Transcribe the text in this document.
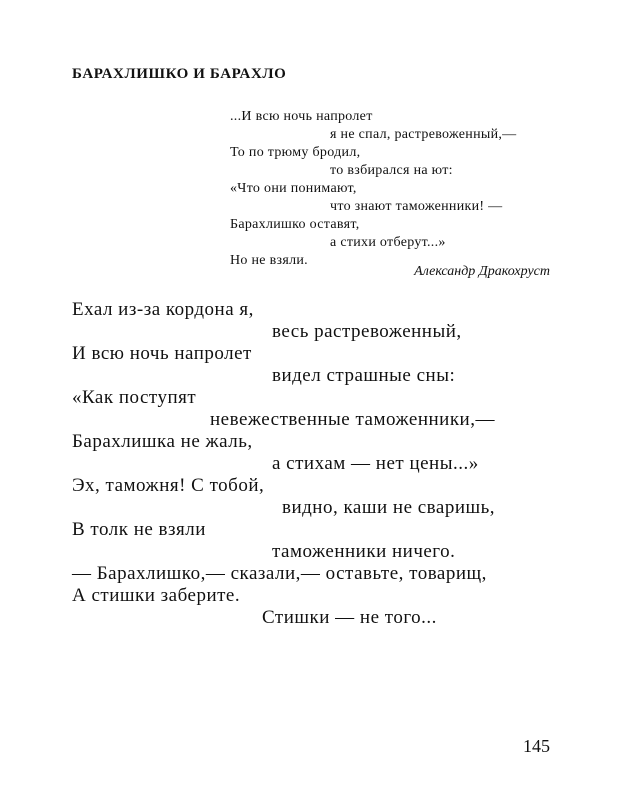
БАРАХЛИШКО И БАРАХЛО
...И всю ночь напролет
я не спал, растревоженный,—
То по трюму бродил,
то взбирался на ют:
«Что они понимают,
что знают таможенники! —
Барахлишко оставят,
а стихи отберут...»
Но не взяли.
Александр Дракохруст
Ехал из-за кордона я,
весь растревоженный,
И всю ночь напролет
видел страшные сны:
«Как поступят
невежественные таможенники,—
Барахлишка не жаль,
а стихам — нет цены...»
Эх, таможня! С тобой,
видно, каши не сваришь,
В толк не взяли
таможенники ничего.
— Барахлишко,— сказали,— оставьте, товарищ,
А стишки заберите.
Стишки — не того...
145
